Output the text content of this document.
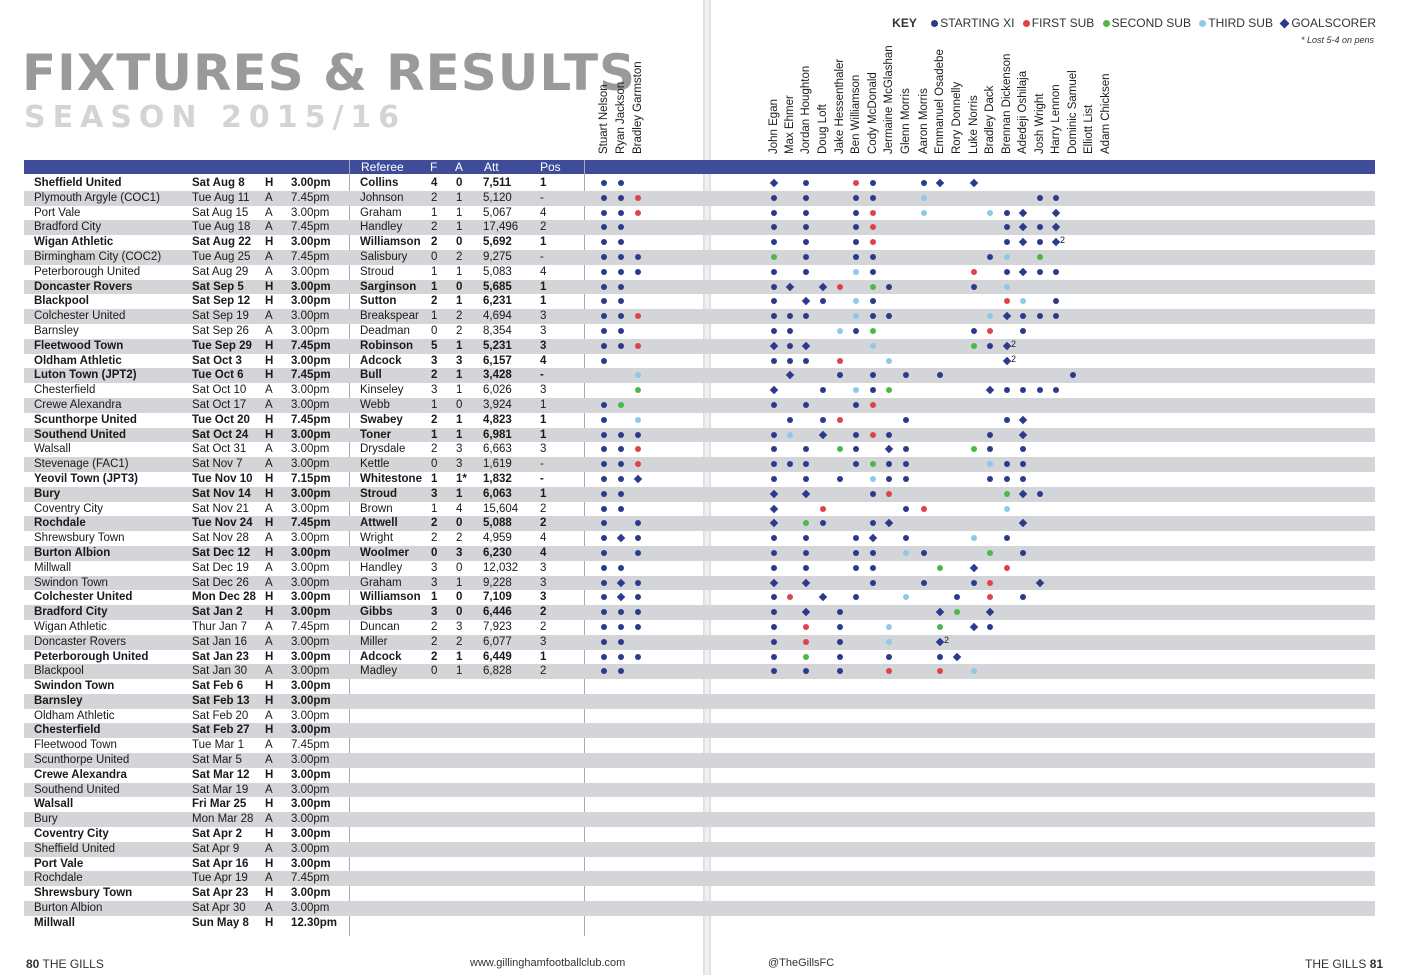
FIXTURES & RESULTS
SEASON 2015/16
KEY STARTING XI FIRST SUB SECOND SUB THIRD SUB GOALSCORER
* Lost 5-4 on pens
Stuart Nelson Ryan Jackson Bradley Garmston	John Egan Max Ehmer Jordan Houghton Doug Loft Jake Hessenthaler Ben Williamson Cody McDonald Jermaine McGlashan Glenn Morris Aaron Morris Emmanuel Osadebe Rory Donnelly Luke Norris Bradley Dack Brennan Dickenson Adedeji Oshilaja Josh Wright Harry Lennon Dominic Samuel Elliott List Adam Chicksen
Referee F A Att	Pos
Sheffield United	Sat Aug 8 H 3.00pm	Collins	4 0 7,511	1
Plymouth Argyle (COC1)	Tue Aug 11 A 7.45pm	Johnson 2 1 5,120 -
Port Vale	Sat Aug 15 A 3.00pm	Graham	1 1 5,067 4
Bradford City	Tue Aug 18 A 7.45pm	Handley	2 1 17,496 2
Wigan Athletic	Sat Aug 22 H 3.00pm	Williamson 2 0 5,692 1	2
Birmingham City (COC2)	Tue Aug 25 A 7.45pm	Salisbury 0 2 9,275 -
Peterborough United	Sat Aug 29 A 3.00pm	Stroud	1 1 5,083 4
Doncaster Rovers	Sat Sep 5 H 3.00pm	Sarginson 1 0 5,685 1
Blackpool	Sat Sep 12 H 3.00pm	Sutton	2 1 6,231 1
Colchester United	Sat Sep 19 A 3.00pm	Breakspear 1 2 4,694 3
Barnsley	Sat Sep 26 A 3.00pm	Deadman 0 2 8,354 3
Fleetwood Town	Tue Sep 29 H 7.45pm	Robinson 5 1 5,231 3	2
Oldham Athletic	Sat Oct 3 H 3.00pm	Adcock	3 3 6,157 4	2
Luton Town (JPT2)	Tue Oct 6 H 7.45pm	Bull	2 1 3,428 -
Chesterfield	Sat Oct 10 A 3.00pm	Kinseley 3 1 6,026 3
Crewe Alexandra	Sat Oct 17 A 3.00pm	Webb	1 0 3,924 1
Scunthorpe United	Tue Oct 20 H 7.45pm	Swabey 2 1 4,823 1
Southend United	Sat Oct 24 H 3.00pm	Toner	1 1 6,981 1
Walsall	Sat Oct 31 A 3.00pm	Drysdale 2 3 6,663 3
Stevenage (FAC1)	Sat Nov 7 A 3.00pm	Kettle	0 3 1,619 -
Yeovil Town (JPT3)	Tue Nov 10 H 7.15pm	Whitestone 1 1* 1,832 -
Bury	Sat Nov 14 H 3.00pm	Stroud	3 1 6,063 1
Coventry City	Sat Nov 21 A 3.00pm	Brown	1 4 15,604 2
Rochdale	Tue Nov 24 H 7.45pm	Attwell	2 0 5,088 2
Shrewsbury Town	Sat Nov 28 A 3.00pm	Wright	2 2 4,959 4
Burton Albion	Sat Dec 12 H 3.00pm	Woolmer 0 3 6,230 4
Millwall	Sat Dec 19 A 3.00pm	Handley	3 0 12,032 3
Swindon Town	Sat Dec 26 A 3.00pm	Graham	3 1 9,228 3
Colchester United	Mon Dec 28 H 3.00pm	Williamson 1 0 7,109 3
Bradford City	Sat Jan 2 H 3.00pm	Gibbs	3 0 6,446 2
Wigan Athletic	Thur Jan 7 A 7.45pm	Duncan	2 3 7,923 2
Doncaster Rovers	Sat Jan 16 A 3.00pm	Miller	2 2 6,077 3	2
Peterborough United	Sat Jan 23 H 3.00pm	Adcock	2 1 6,449 1
Blackpool	Sat Jan 30 A 3.00pm	Madley	0 1 6,828 2
Swindon Town	Sat Feb 6 H 3.00pm
Barnsley	Sat Feb 13 H 3.00pm
Oldham Athletic	Sat Feb 20 A 3.00pm
Chesterfield	Sat Feb 27 H 3.00pm
Fleetwood Town	Tue Mar 1 A 7.45pm
Scunthorpe United	Sat Mar 5 A 3.00pm
Crewe Alexandra	Sat Mar 12 H 3.00pm
Southend United	Sat Mar 19 A 3.00pm
Walsall	Fri Mar 25 H 3.00pm
Bury	Mon Mar 28 A 3.00pm
Coventry City	Sat Apr 2 H 3.00pm
Sheffield United	Sat Apr 9 A 3.00pm
Port Vale	Sat Apr 16 H 3.00pm
Rochdale	Tue Apr 19 A 7.45pm
Shrewsbury Town	Sat Apr 23 H 3.00pm
Burton Albion	Sat Apr 30 A 3.00pm
Millwall	Sun May 8 H 12.30pm
80 THE GILLS	www.gillinghamfootballclub.com	@TheGillsFC	THE GILLS 81
